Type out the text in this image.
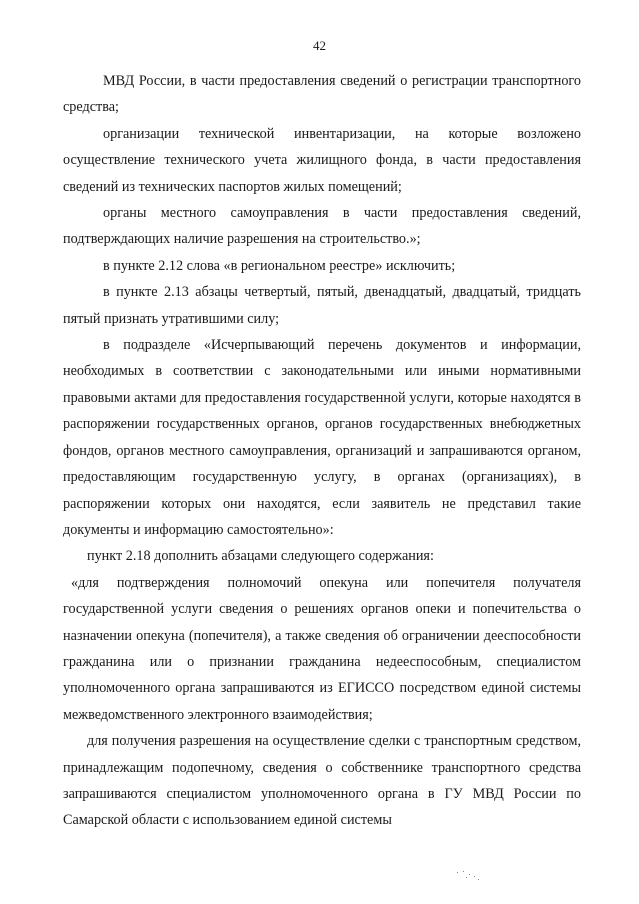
42

МВД России, в части предоставления сведений о регистрации транспортного средства;

организации технической инвентаризации, на которые возложено осуществление технического учета жилищного фонда, в части предоставления сведений из технических паспортов жилых помещений;

органы местного самоуправления в части предоставления сведений, подтверждающих наличие разрешения на строительство.»;

в пункте 2.12 слова «в региональном реестре» исключить;

в пункте 2.13 абзацы четвертый, пятый, двенадцатый, двадцатый, тридцать пятый признать утратившими силу;

в подразделе «Исчерпывающий перечень документов и информации, необходимых в соответствии с законодательными или иными нормативными правовыми актами для предоставления государственной услуги, которые находятся в распоряжении государственных органов, органов государственных внебюджетных фондов, органов местного самоуправления, организаций и запрашиваются органом, предоставляющим государственную услугу, в органах (организациях), в распоряжении которых они находятся, если заявитель не представил такие документы и информацию самостоятельно»:

пункт 2.18 дополнить абзацами следующего содержания:

«для подтверждения полномочий опекуна или попечителя получателя государственной услуги сведения о решениях органов опеки и попечительства о назначении опекуна (попечителя), а также сведения об ограничении дееспособности гражданина или о признании гражданина недееспособным, специалистом уполномоченного органа запрашиваются из ЕГИССО посредством единой системы межведомственного электронного взаимодействия;

для получения разрешения на осуществление сделки с транспортным средством, принадлежащим подопечному, сведения о собственнике транспортного средства запрашиваются специалистом уполномоченного органа в ГУ МВД России по Самарской области с использованием единой системы
